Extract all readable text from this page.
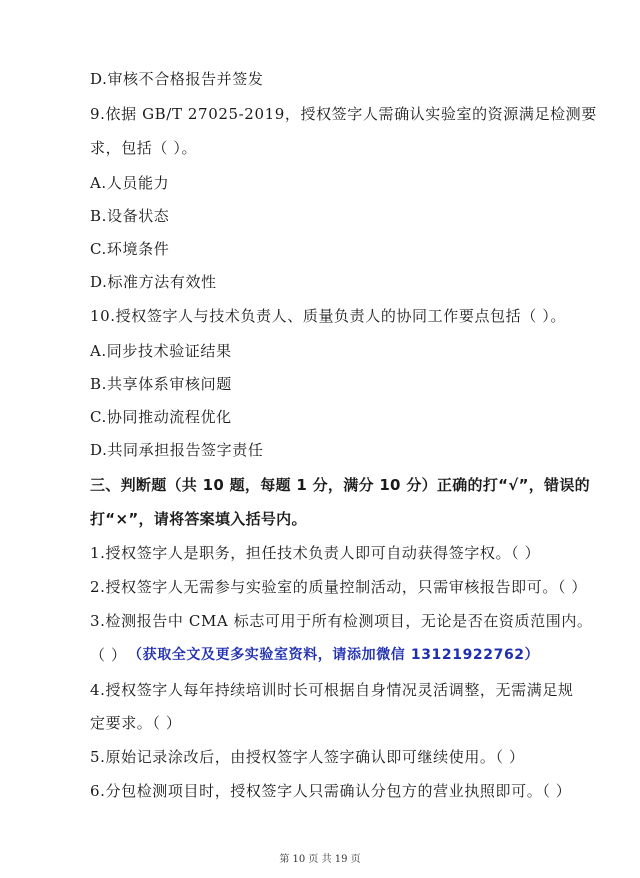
D.审核不合格报告并签发
9.依据 GB/T 27025-2019，授权签字人需确认实验室的资源满足检测要
求，包括（ ）。
A.人员能力
B.设备状态
C.环境条件
D.标准方法有效性
10.授权签字人与技术负责人、质量负责人的协同工作要点包括（ ）。
A.同步技术验证结果
B.共享体系审核问题
C.协同推动流程优化
D.共同承担报告签字责任
三、判断题（共 10 题，每题 1 分，满分 10 分）正确的打“√”，错误的
打“×”，请将答案填入括号内。
1.授权签字人是职务，担任技术负责人即可自动获得签字权。（ ）
2.授权签字人无需参与实验室的质量控制活动，只需审核报告即可。（ ）
3.检测报告中 CMA 标志可用于所有检测项目，无论是否在资质范围内。
（ ） （获取全文及更多实验室资料，请添加微信 13121922762）
4.授权签字人每年持续培训时长可根据自身情况灵活调整，无需满足规
定要求。（ ）
5.原始记录涂改后，由授权签字人签字确认即可继续使用。（ ）
6.分包检测项目时，授权签字人只需确认分包方的营业执照即可。（ ）
第 10 页 共 19 页
